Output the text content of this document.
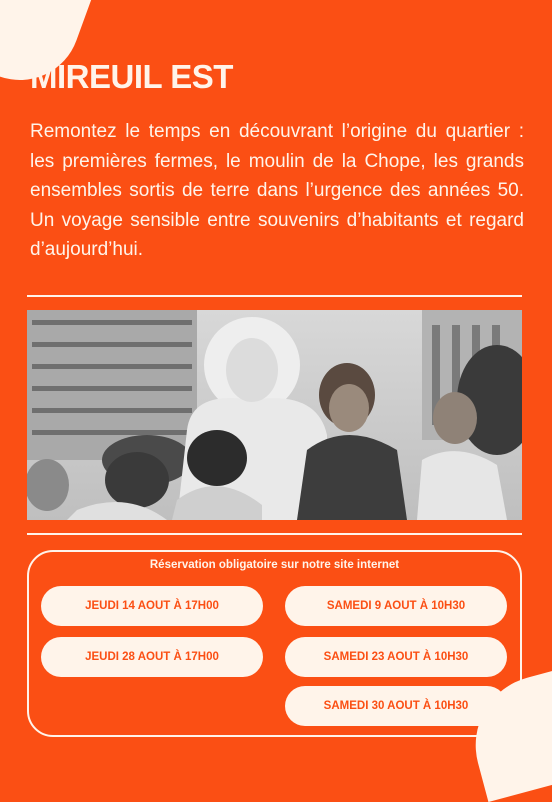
MIREUIL EST

Remontez le temps en découvrant l’origine du quartier : les premières fermes, le moulin de la Chope, les grands ensembles sortis de terre dans l’urgence des années 50. Un voyage sensible entre souvenirs d’habitants et regard d’aujourd’hui.

Réservation obligatoire sur notre site internet
JEUDI 14 AOUT À 17H00
JEUDI 28 AOUT À 17H00
SAMEDI 9 AOUT À 10H30
SAMEDI 23 AOUT À 10H30
SAMEDI 30 AOUT À 10H30
